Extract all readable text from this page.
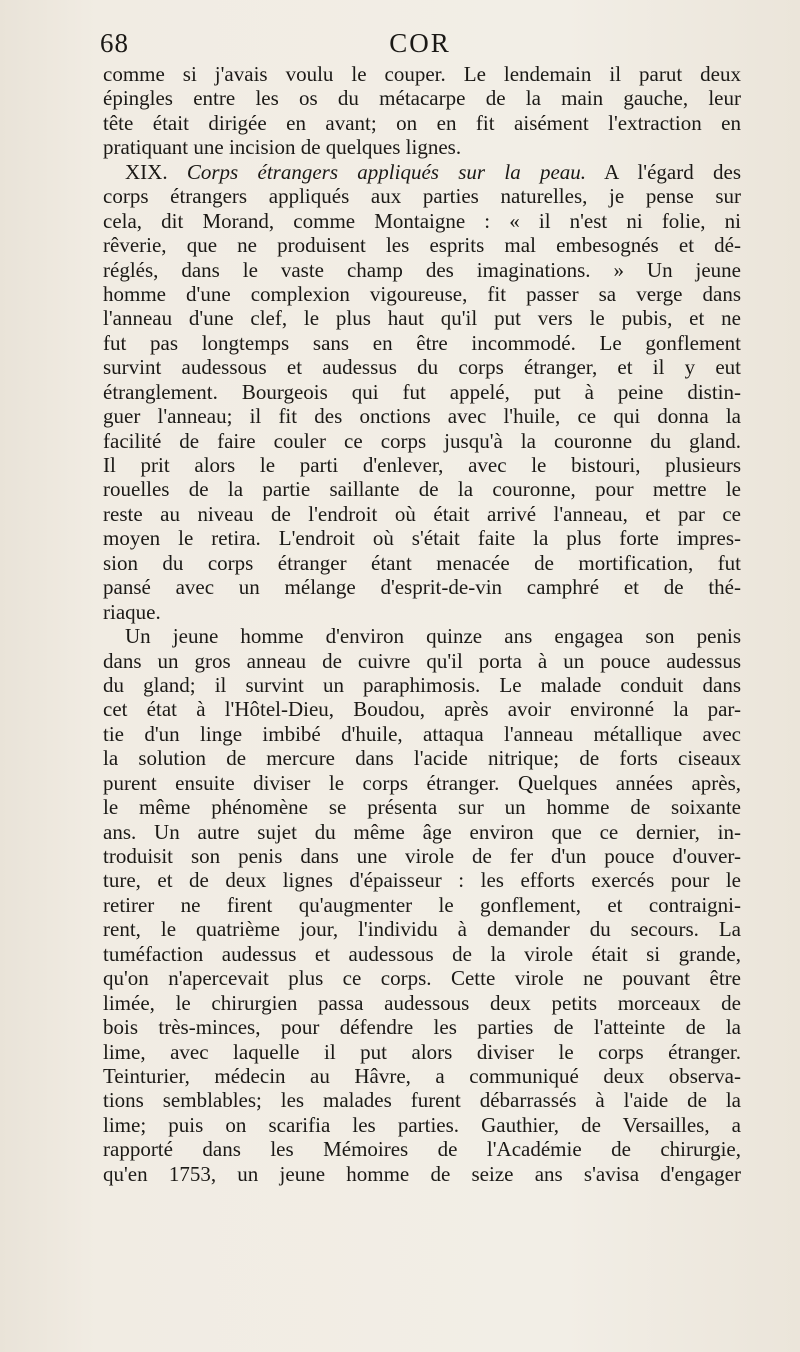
68	COR
comme si j'avais voulu le couper. Le lendemain il parut deux
épingles entre les os du métacarpe de la main gauche, leur
tête était dirigée en avant; on en fit aisément l'extraction en
pratiquant une incision de quelques lignes.
XIX. Corps étrangers appliqués sur la peau. A l'égard des
corps étrangers appliqués aux parties naturelles, je pense sur
cela, dit Morand, comme Montaigne : « il n'est ni folie, ni
rêverie, que ne produisent les esprits mal embesognés et dé-
réglés, dans le vaste champ des imaginations. » Un jeune
homme d'une complexion vigoureuse, fit passer sa verge dans
l'anneau d'une clef, le plus haut qu'il put vers le pubis, et ne
fut pas longtemps sans en être incommodé. Le gonflement
survint audessous et audessus du corps étranger, et il y eut
étranglement. Bourgeois qui fut appelé, put à peine distin-
guer l'anneau; il fit des onctions avec l'huile, ce qui donna la
facilité de faire couler ce corps jusqu'à la couronne du gland.
Il prit alors le parti d'enlever, avec le bistouri, plusieurs
rouelles de la partie saillante de la couronne, pour mettre le
reste au niveau de l'endroit où était arrivé l'anneau, et par ce
moyen le retira. L'endroit où s'était faite la plus forte impres-
sion du corps étranger étant menacée de mortification, fut
pansé avec un mélange d'esprit-de-vin camphré et de thé-
riaque.
Un jeune homme d'environ quinze ans engagea son penis
dans un gros anneau de cuivre qu'il porta à un pouce audessus
du gland; il survint un paraphimosis. Le malade conduit dans
cet état à l'Hôtel-Dieu, Boudou, après avoir environné la par-
tie d'un linge imbibé d'huile, attaqua l'anneau métallique avec
la solution de mercure dans l'acide nitrique; de forts ciseaux
purent ensuite diviser le corps étranger. Quelques années après,
le même phénomène se présenta sur un homme de soixante
ans. Un autre sujet du même âge environ que ce dernier, in-
troduisit son penis dans une virole de fer d'un pouce d'ouver-
ture, et de deux lignes d'épaisseur : les efforts exercés pour le
retirer ne firent qu'augmenter le gonflement, et contraigni-
rent, le quatrième jour, l'individu à demander du secours. La
tuméfaction audessus et audessous de la virole était si grande,
qu'on n'apercevait plus ce corps. Cette virole ne pouvant être
limée, le chirurgien passa audessous deux petits morceaux de
bois très-minces, pour défendre les parties de l'atteinte de la
lime, avec laquelle il put alors diviser le corps étranger.
Teinturier, médecin au Hâvre, a communiqué deux observa-
tions semblables; les malades furent débarrassés à l'aide de la
lime; puis on scarifia les parties. Gauthier, de Versailles, a
rapporté dans les Mémoires de l'Académie de chirurgie,
qu'en 1753, un jeune homme de seize ans s'avisa d'engager
